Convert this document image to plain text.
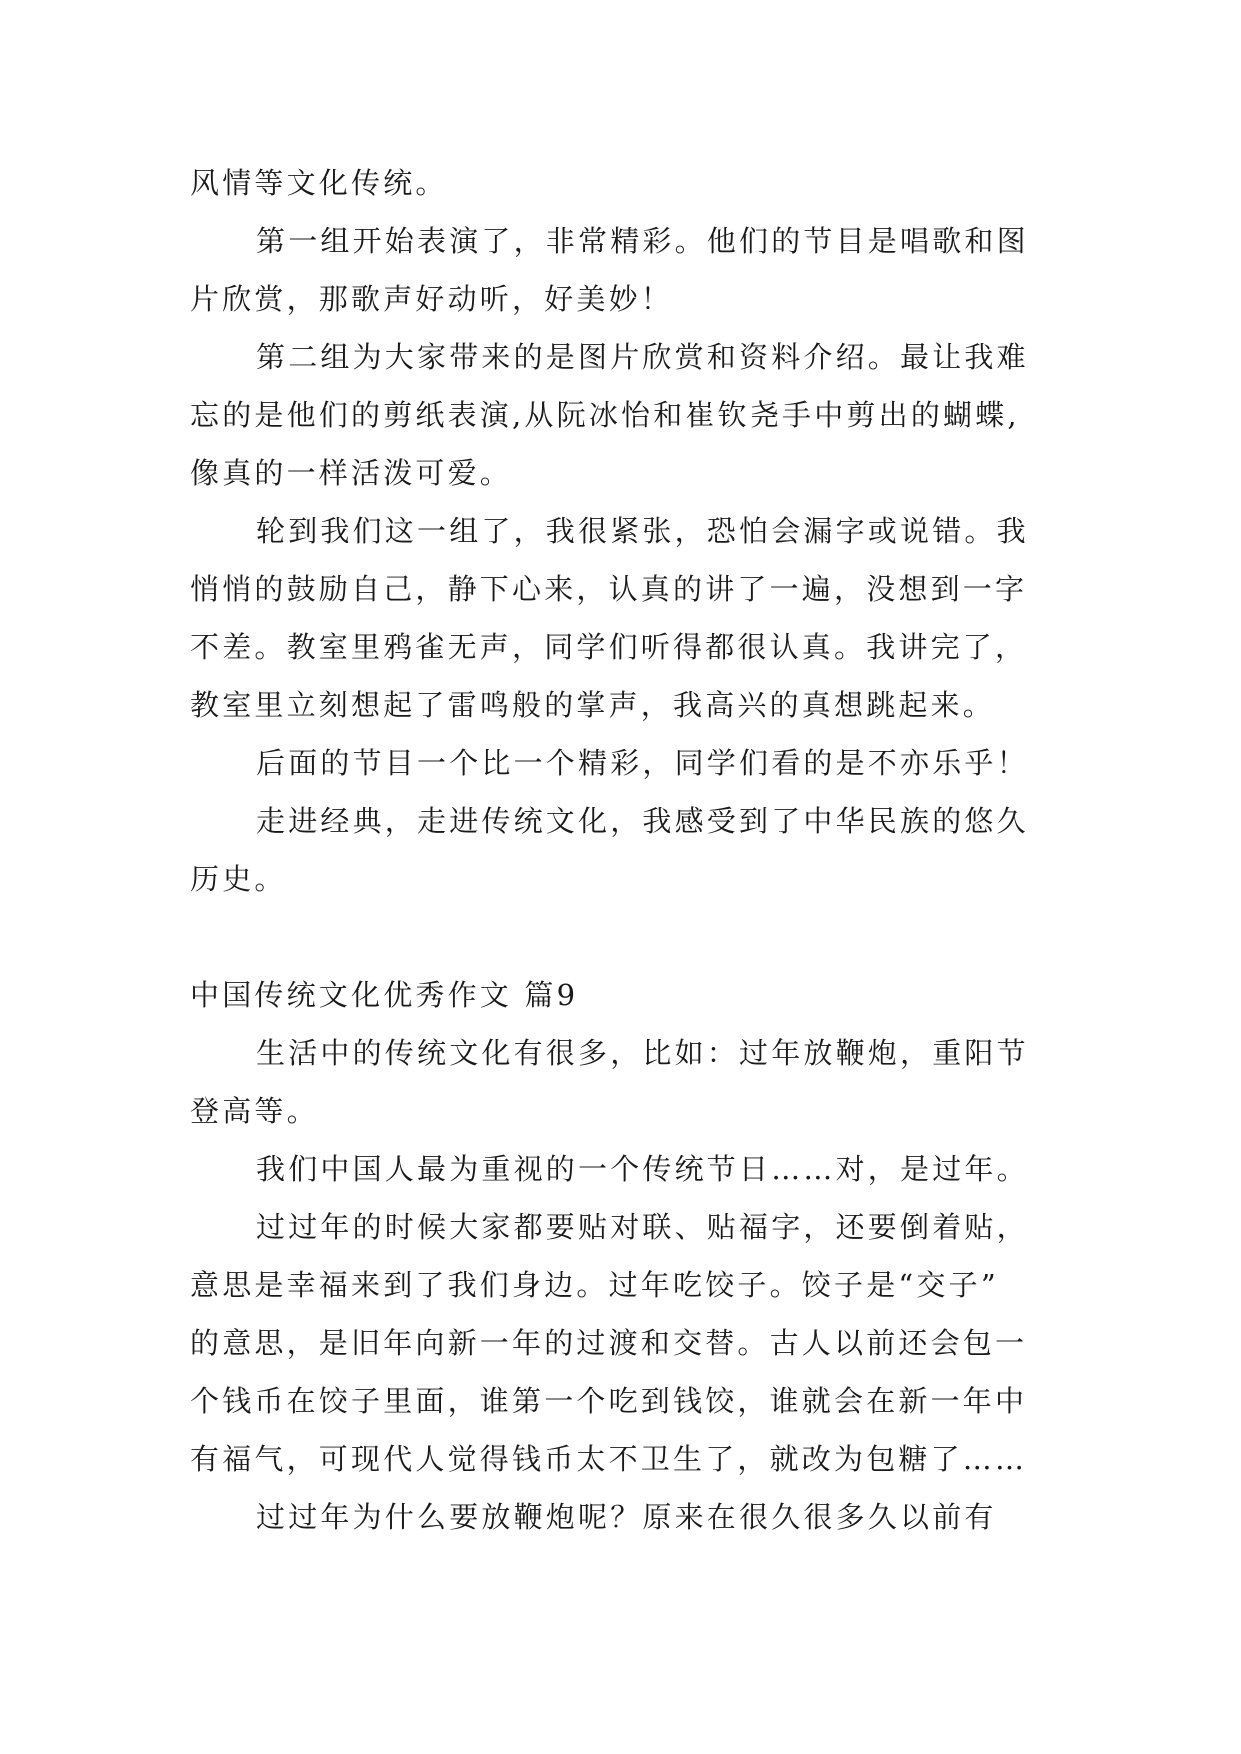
风情等文化传统。
第一组开始表演了，非常精彩。他们的节目是唱歌和图
片欣赏，那歌声好动听，好美妙！
第二组为大家带来的是图片欣赏和资料介绍。最让我难
忘的是他们的剪纸表演,从阮冰怡和崔钦尧手中剪出的蝴蝶,
像真的一样活泼可爱。
轮到我们这一组了，我很紧张，恐怕会漏字或说错。我
悄悄的鼓励自己，静下心来，认真的讲了一遍，没想到一字
不差。教室里鸦雀无声，同学们听得都很认真。我讲完了，
教室里立刻想起了雷鸣般的掌声，我高兴的真想跳起来。
后面的节目一个比一个精彩，同学们看的是不亦乐乎！
走进经典，走进传统文化，我感受到了中华民族的悠久
历史。
中国传统文化优秀作文 篇9
生活中的传统文化有很多，比如：过年放鞭炮，重阳节
登高等。
我们中国人最为重视的一个传统节日……对，是过年。
过过年的时候大家都要贴对联、贴福字，还要倒着贴，
意思是幸福来到了我们身边。过年吃饺子。饺子是“交子”
的意思，是旧年向新一年的过渡和交替。古人以前还会包一
个钱币在饺子里面，谁第一个吃到钱饺，谁就会在新一年中
有福气，可现代人觉得钱币太不卫生了，就改为包糖了……
过过年为什么要放鞭炮呢？原来在很久很多久以前有
